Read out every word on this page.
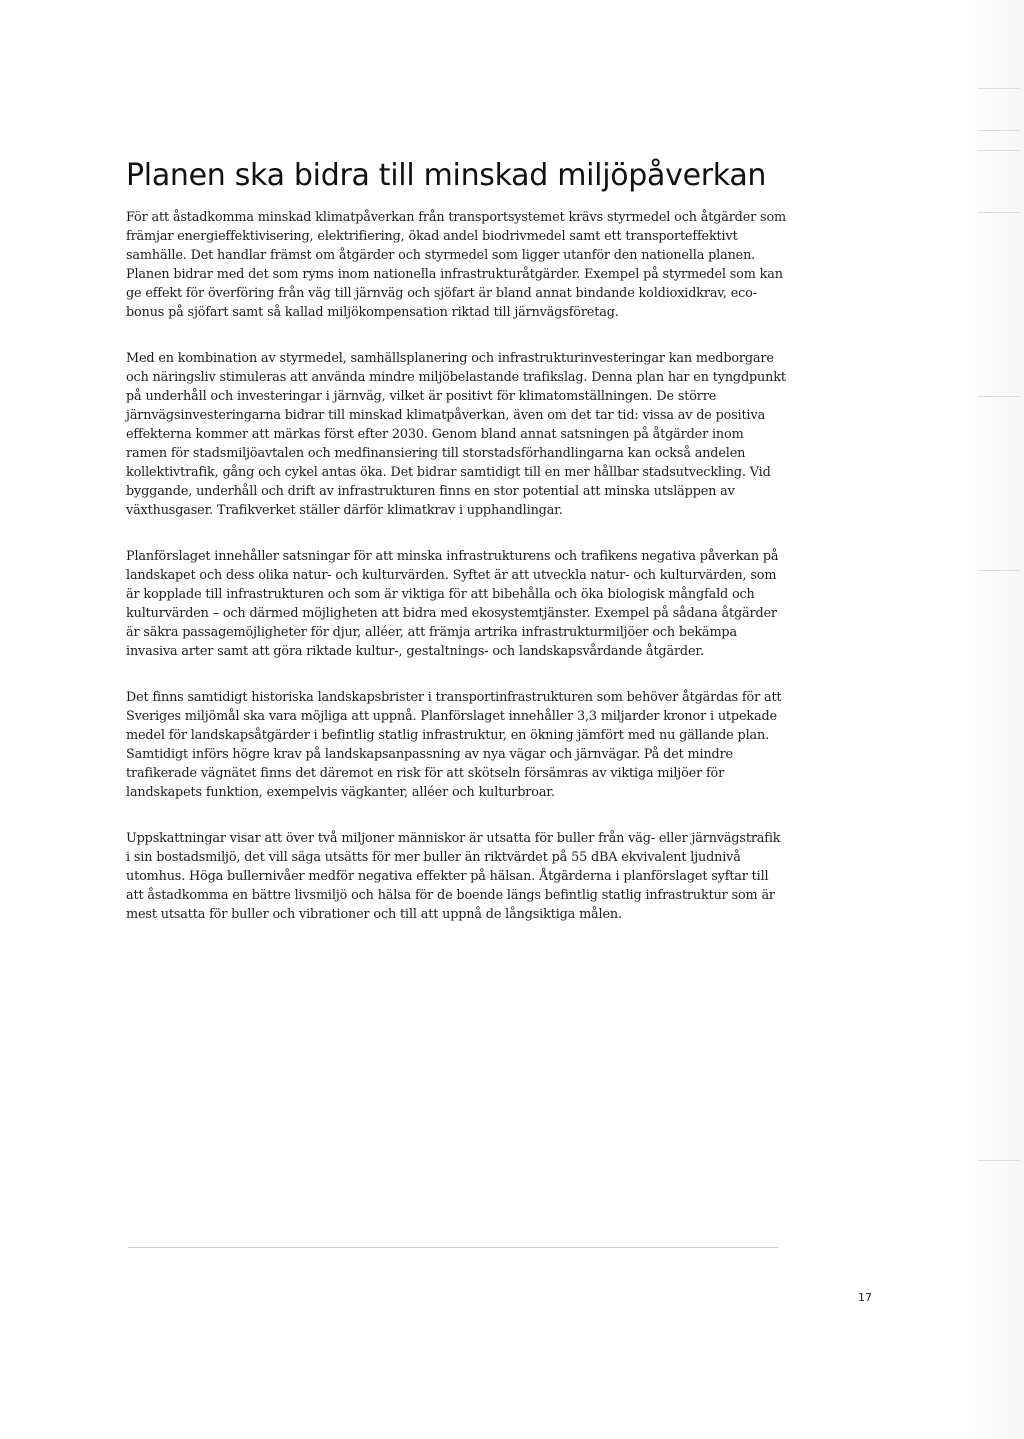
Planen ska bidra till minskad miljöpåverkan

För att åstadkomma minskad klimatpåverkan från transportsystemet krävs styrmedel och åtgärder som främjar energieffektivisering, elektrifiering, ökad andel biodrivmedel samt ett transporteffektivt samhälle. Det handlar främst om åtgärder och styrmedel som ligger utanför den nationella planen. Planen bidrar med det som ryms inom nationella infrastrukturåtgärder. Exempel på styrmedel som kan ge effekt för överföring från väg till järnväg och sjöfart är bland annat bindande koldioxidkrav, eco-bonus på sjöfart samt så kallad miljökompensation riktad till järnvägsföretag.

Med en kombination av styrmedel, samhällsplanering och infrastrukturinvesteringar kan medborgare och näringsliv stimuleras att använda mindre miljöbelastande trafikslag. Denna plan har en tyngdpunkt på underhåll och investeringar i järnväg, vilket är positivt för klimatomställningen. De större järnvägsinvesteringarna bidrar till minskad klimatpåverkan, även om det tar tid: vissa av de positiva effekterna kommer att märkas först efter 2030. Genom bland annat satsningen på åtgärder inom ramen för stadsmiljöavtalen och medfinansiering till storstadsförhandlingarna kan också andelen kollektivtrafik, gång och cykel antas öka. Det bidrar samtidigt till en mer hållbar stadsutveckling. Vid byggande, underhåll och drift av infrastrukturen finns en stor potential att minska utsläppen av växthusgaser. Trafikverket ställer därför klimatkrav i upphandlingar.

Planförslaget innehåller satsningar för att minska infrastrukturens och trafikens negativa påverkan på landskapet och dess olika natur- och kulturvärden. Syftet är att utveckla natur- och kulturvärden, som är kopplade till infrastrukturen och som är viktiga för att bibehålla och öka biologisk mångfald och kulturvärden – och därmed möjligheten att bidra med ekosystemtjänster. Exempel på sådana åtgärder är säkra passagemöjligheter för djur, alléer, att främja artrika infrastrukturmiljöer och bekämpa invasiva arter samt att göra riktade kultur-, gestaltnings- och landskapsvårdande åtgärder.

Det finns samtidigt historiska landskapsbrister i transportinfrastrukturen som behöver åtgärdas för att Sveriges miljömål ska vara möjliga att uppnå. Planförslaget innehåller 3,3 miljarder kronor i utpekade medel för landskapsåtgärder i befintlig statlig infrastruktur, en ökning jämfört med nu gällande plan. Samtidigt införs högre krav på landskapsanpassning av nya vägar och järnvägar. På det mindre trafikerade vägnätet finns det däremot en risk för att skötseln försämras av viktiga miljöer för landskapets funktion, exempelvis vägkanter, alléer och kulturbroar.

Uppskattningar visar att över två miljoner människor är utsatta för buller från väg- eller järnvägstrafik i sin bostadsmiljö, det vill säga utsätts för mer buller än riktvärdet på 55 dBA ekvivalent ljudnivå utomhus. Höga bullernivåer medför negativa effekter på hälsan. Åtgärderna i planförslaget syftar till att åstadkomma en bättre livsmiljö och hälsa för de boende längs befintlig statlig infrastruktur som är mest utsatta för buller och vibrationer och till att uppnå de långsiktiga målen.

17
